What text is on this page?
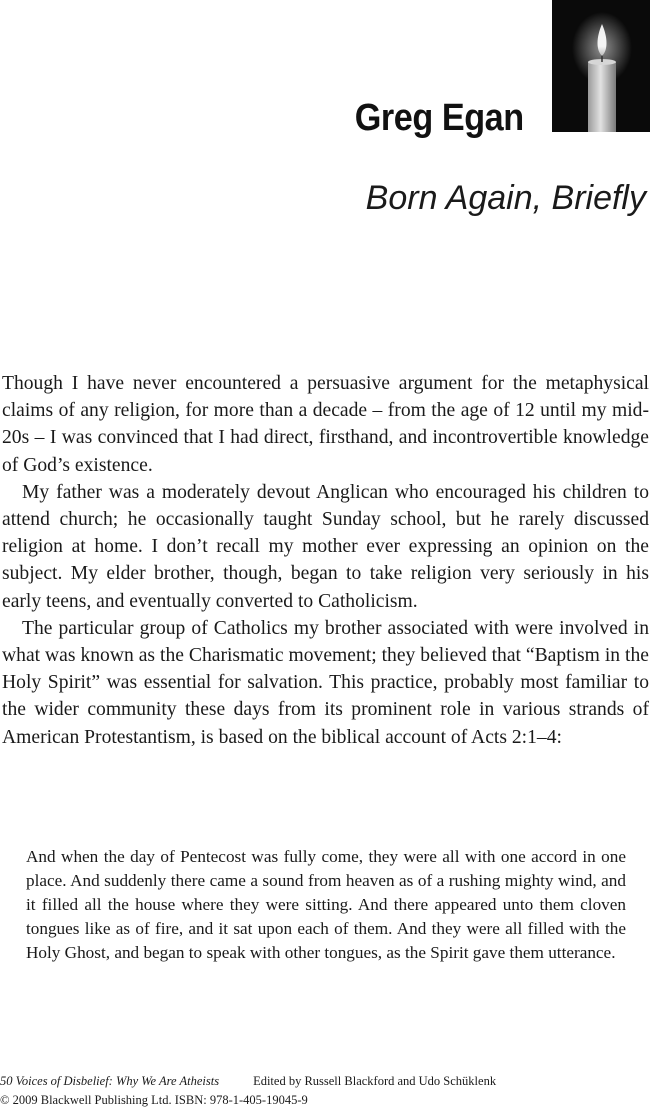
Greg Egan
Born Again, Briefly

Though I have never encountered a persuasive argument for the metaphysical claims of any religion, for more than a decade – from the age of 12 until my mid-20s – I was convinced that I had direct, firsthand, and incontrovertible knowledge of God’s existence.

My father was a moderately devout Anglican who encouraged his children to attend church; he occasionally taught Sunday school, but he rarely discussed religion at home. I don’t recall my mother ever expressing an opinion on the subject. My elder brother, though, began to take religion very seriously in his early teens, and eventually converted to Catholicism.

The particular group of Catholics my brother associated with were involved in what was known as the Charismatic movement; they believed that “Baptism in the Holy Spirit” was essential for salvation. This practice, probably most familiar to the wider community these days from its prominent role in various strands of American Protestantism, is based on the biblical account of Acts 2:1–4:

And when the day of Pentecost was fully come, they were all with one accord in one place. And suddenly there came a sound from heaven as of a rushing mighty wind, and it filled all the house where they were sitting. And there appeared unto them cloven tongues like as of fire, and it sat upon each of them. And they were all filled with the Holy Ghost, and began to speak with other tongues, as the Spirit gave them utterance.
50 Voices of Disbelief: Why We Are Atheists	Edited by Russell Blackford and Udo Schüklenk
© 2009 Blackwell Publishing Ltd. ISBN: 978-1-405-19045-9
